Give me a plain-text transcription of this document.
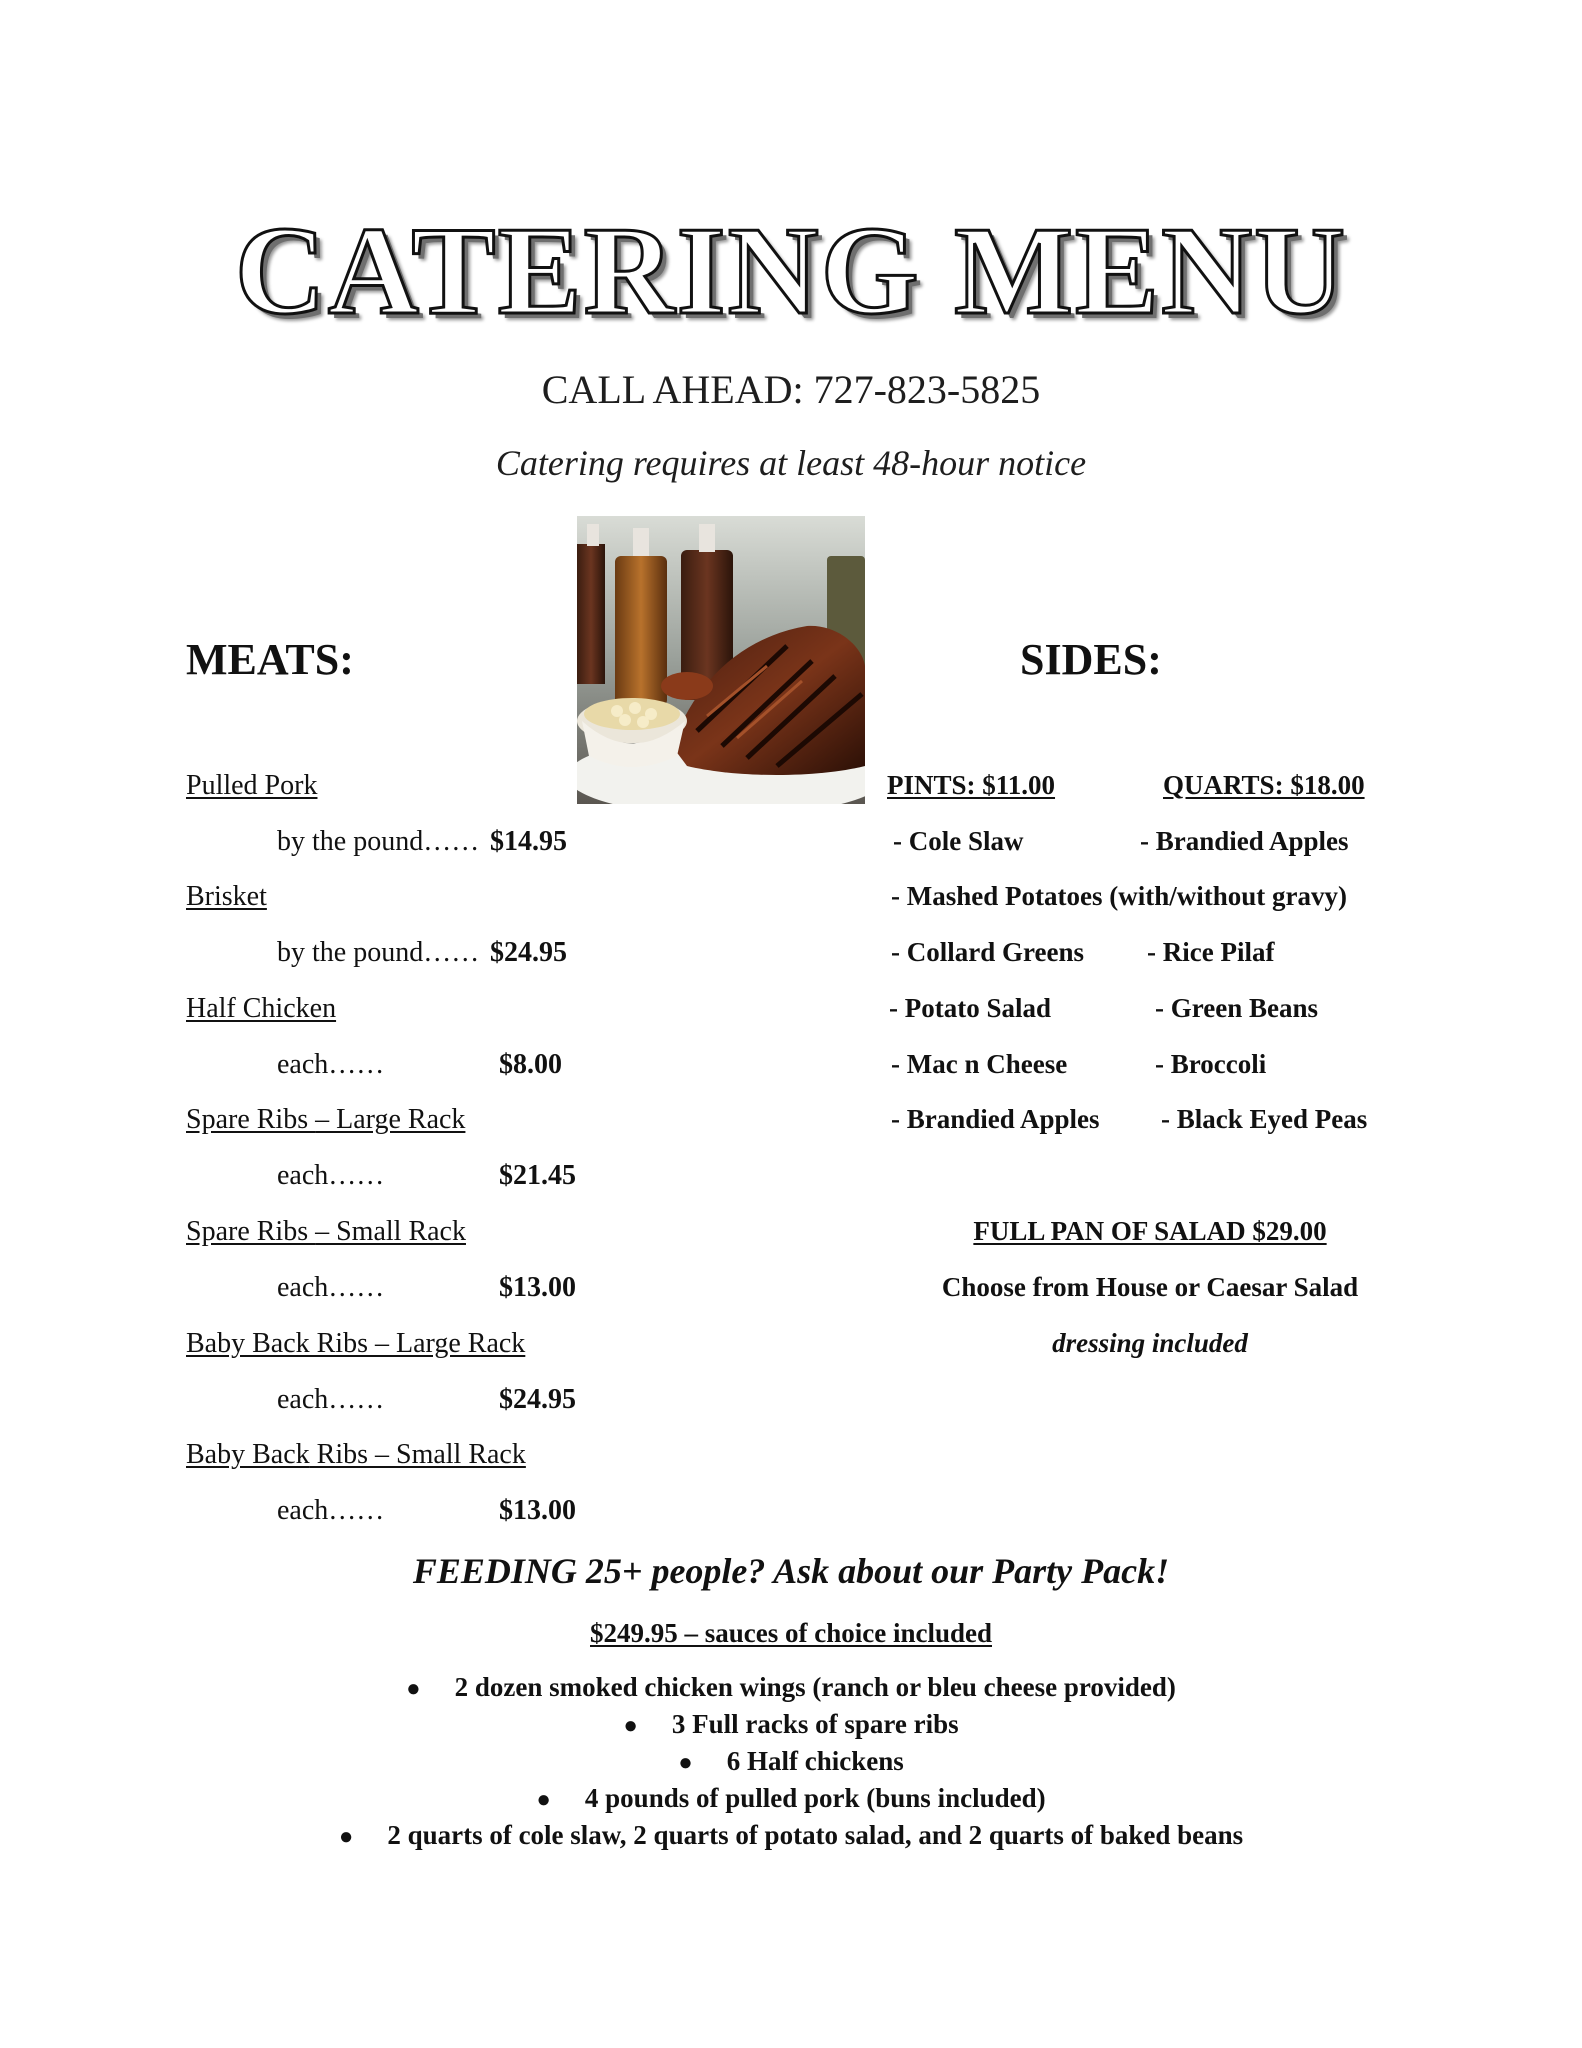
CATERING MENU
CALL AHEAD: 727-823-5825
Catering requires at least 48-hour notice
MEATS:
Pulled Pork
by the pound…… $14.95
Brisket
by the pound…… $24.95
Half Chicken
each……	$8.00
Spare Ribs – Large Rack
each……	$21.45
Spare Ribs – Small Rack
each……	$13.00
Baby Back Ribs – Large Rack
each……	$24.95
Baby Back Ribs – Small Rack
each……	$13.00
SIDES:
PINTS: $11.00	QUARTS: $18.00
- Cole Slaw	- Brandied Apples
- Mashed Potatoes (with/without gravy)
- Collard Greens - Rice Pilaf
- Potato Salad	- Green Beans
- Mac n Cheese	- Broccoli
- Brandied Apples - Black Eyed Peas
FULL PAN OF SALAD $29.00
Choose from House or Caesar Salad
dressing included
FEEDING 25+ people? Ask about our Party Pack!
$249.95 – sauces of choice included
● 2 dozen smoked chicken wings (ranch or bleu cheese provided)
● 3 Full racks of spare ribs
● 6 Half chickens
● 4 pounds of pulled pork (buns included)
● 2 quarts of cole slaw, 2 quarts of potato salad, and 2 quarts of baked beans
